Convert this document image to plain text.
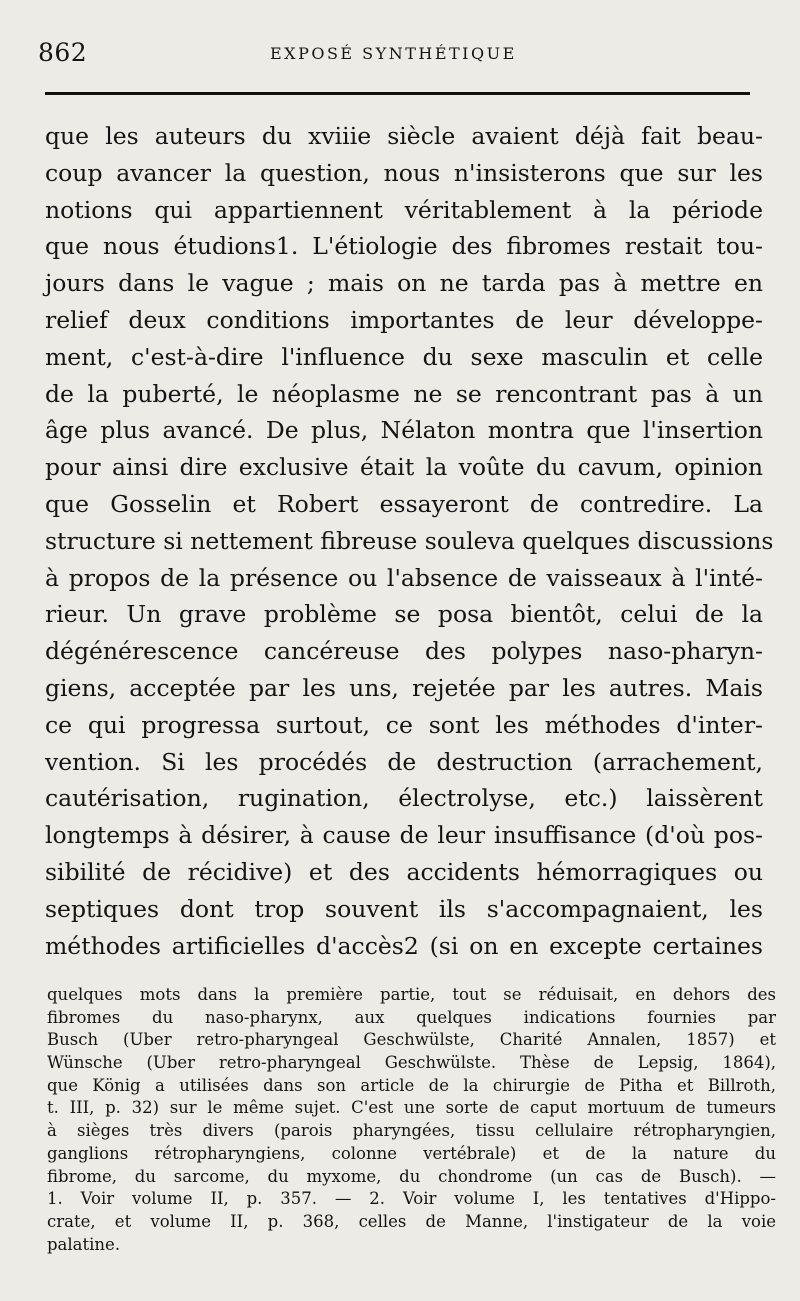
862	EXPOSÉ SYNTHÉTIQUE
que les auteurs du xviiie siècle avaient déjà fait beau-
coup avancer la question, nous n'insisterons que sur les
notions qui appartiennent véritablement à la période
que nous étudions1. L'étiologie des fibromes restait tou-
jours dans le vague ; mais on ne tarda pas à mettre en
relief deux conditions importantes de leur développe-
ment, c'est-à-dire l'influence du sexe masculin et celle
de la puberté, le néoplasme ne se rencontrant pas à un
âge plus avancé. De plus, Nélaton montra que l'insertion
pour ainsi dire exclusive était la voûte du cavum, opinion
que Gosselin et Robert essayeront de contredire. La
structure si nettement fibreuse souleva quelques discussions
à propos de la présence ou l'absence de vaisseaux à l'inté-
rieur. Un grave problème se posa bientôt, celui de la
dégénérescence cancéreuse des polypes naso-pharyn-
giens, acceptée par les uns, rejetée par les autres. Mais
ce qui progressa surtout, ce sont les méthodes d'inter-
vention. Si les procédés de destruction (arrachement,
cautérisation, rugination, électrolyse, etc.) laissèrent
longtemps à désirer, à cause de leur insuffisance (d'où pos-
sibilité de récidive) et des accidents hémorragiques ou
septiques dont trop souvent ils s'accompagnaient, les
méthodes artificielles d'accès2 (si on en excepte certaines
quelques mots dans la première partie, tout se réduisait, en dehors des
fibromes du naso-pharynx, aux quelques indications fournies par
Busch (Uber retro-pharyngeal Geschwülste, Charité Annalen, 1857) et
Wünsche (Uber retro-pharyngeal Geschwülste. Thèse de Lepsig, 1864),
que König a utilisées dans son article de la chirurgie de Pitha et Billroth,
t. III, p. 32) sur le même sujet. C'est une sorte de caput mortuum de tumeurs
à sièges très divers (parois pharyngées, tissu cellulaire rétropharyngien,
ganglions rétropharyngiens, colonne vertébrale) et de la nature du
fibrome, du sarcome, du myxome, du chondrome (un cas de Busch). —
1. Voir volume II, p. 357. — 2. Voir volume I, les tentatives d'Hippo-
crate, et volume II, p. 368, celles de Manne, l'instigateur de la voie
palatine.
